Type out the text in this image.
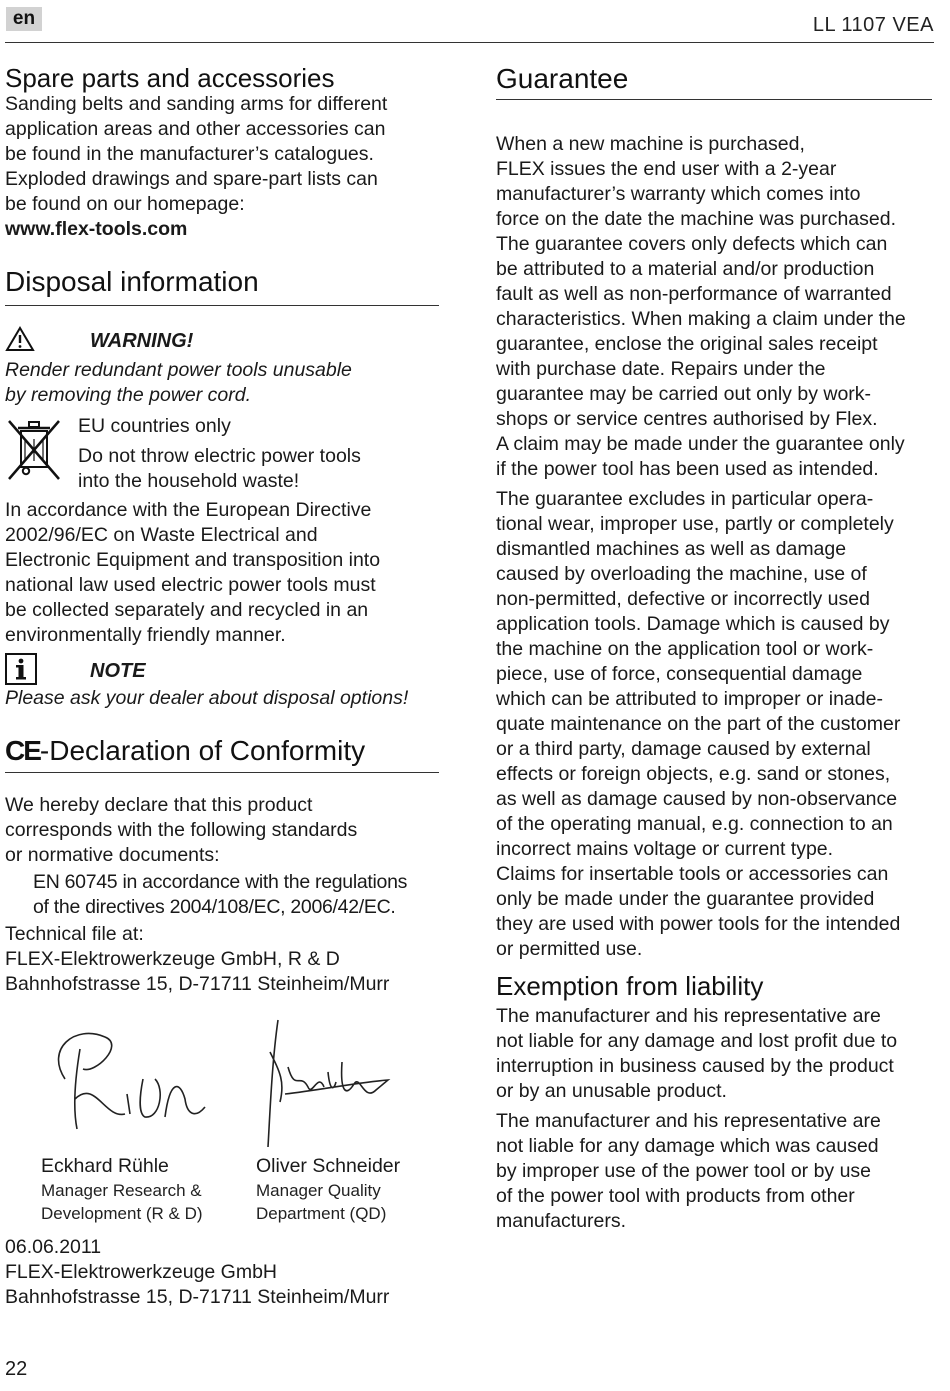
en	LL 1107 VEA
Spare parts and accessories

Sanding belts and sanding arms for different

application areas and other accessories can

be found in the manufacturer’s catalogues.

Exploded drawings and spare-part lists can

be found on our homepage:

www.flex-tools.com

Disposal information
WARNING!

Render redundant power tools unusable

by removing the power cord.

EU countries only

Do not throw electric power tools

into the household waste!

In accordance with the European Directive

2002/96/EC on Waste Electrical and

Electronic Equipment and transposition into

national law used electric power tools must

be collected separately and recycled in an

environmentally friendly manner.

NOTE

Please ask your dealer about disposal options!

CE-Declaration of Conformity

We hereby declare that this product

corresponds with the following standards

or normative documents:

EN 60745 in accordance with the regulations

of the directives 2004/108/EC, 2006/42/EC.

Technical file at:

FLEX-Elektrowerkzeuge GmbH, R & D

Bahnhofstrasse 15, D-71711 Steinheim/Murr

Eckhard Rühle
Manager Research &
Development (R & D)
Oliver Schneider
Manager Quality
Department (QD)

06.06.2011

FLEX-Elektrowerkzeuge GmbH

Bahnhofstrasse 15, D-71711 Steinheim/Murr

Guarantee

When a new machine is purchased,

FLEX issues the end user with a 2-year

manufacturer’s warranty which comes into

force on the date the machine was purchased.

The guarantee covers only defects which can

be attributed to a material and/or production

fault as well as non-performance of warranted

characteristics. When making a claim under the

guarantee, enclose the original sales receipt

with purchase date. Repairs under the

guarantee may be carried out only by work-

shops or service centres authorised by Flex.

A claim may be made under the guarantee only

if the power tool has been used as intended.

The guarantee excludes in particular opera-

tional wear, improper use, partly or completely

dismantled machines as well as damage

caused by overloading the machine, use of

non-permitted, defective or incorrectly used

application tools. Damage which is caused by

the machine on the application tool or work-

piece, use of force, consequential damage

which can be attributed to improper or inade-

quate maintenance on the part of the customer

or a third party, damage caused by external

effects or foreign objects, e.g. sand or stones,

as well as damage caused by non-observance

of the operating manual, e.g. connection to an

incorrect mains voltage or current type.

Claims for insertable tools or accessories can

only be made under the guarantee provided

they are used with power tools for the intended

or permitted use.

Exemption from liability

The manufacturer and his representative are

not liable for any damage and lost profit due to

interruption in business caused by the product

or by an unusable product.

The manufacturer and his representative are

not liable for any damage which was caused

by improper use of the power tool or by use

of the power tool with products from other

manufacturers.

22
